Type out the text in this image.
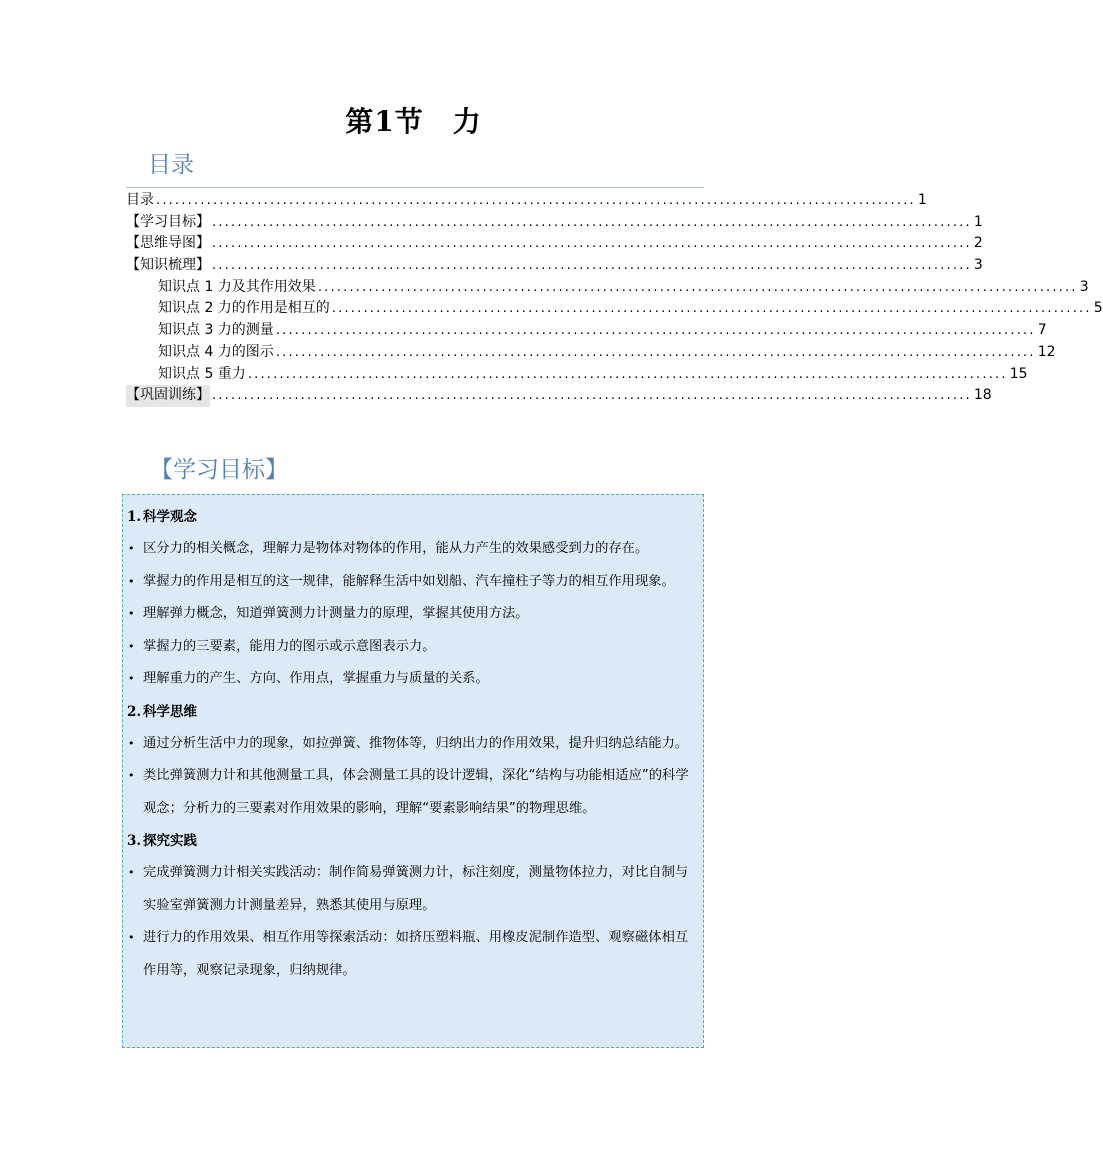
第1节　力
目录
目录 ........................................................................................................................ 1
【学习目标】 ........................................................................................................................ 1
【思维导图】 ........................................................................................................................ 2
【知识梳理】 ........................................................................................................................ 3
知识点 1 力及其作用效果 ........................................................................................................................ 3
知识点 2 力的作用是相互的 ........................................................................................................................ 5
知识点 3 力的测量 ........................................................................................................................ 7
知识点 4 力的图示 ........................................................................................................................ 12
知识点 5 重力 ........................................................................................................................ 15
【巩固训练】 ........................................................................................................................ 18
【学习目标】
1. 科学观念
• 区分力的相关概念，理解力是物体对物体的作用，能从力产生的效果感受到力的存在。
• 掌握力的作用是相互的这一规律，能解释生活中如划船、汽车撞柱子等力的相互作用现象。
• 理解弹力概念，知道弹簧测力计测量力的原理，掌握其使用方法。
• 掌握力的三要素，能用力的图示或示意图表示力。
• 理解重力的产生、方向、作用点，掌握重力与质量的关系。
2. 科学思维
• 通过分析生活中力的现象，如拉弹簧、推物体等，归纳出力的作用效果，提升归纳总结能力。
• 类比弹簧测力计和其他测量工具，体会测量工具的设计逻辑，深化“结构与功能相适应”的科学观念；分析力的三要素对作用效果的影响，理解“要素影响结果”的物理思维。
3. 探究实践
• 完成弹簧测力计相关实践活动：制作简易弹簧测力计，标注刻度，测量物体拉力，对比自制与实验室弹簧测力计测量差异，熟悉其使用与原理。
• 进行力的作用效果、相互作用等探索活动：如挤压塑料瓶、用橡皮泥制作造型、观察磁体相互作用等，观察记录现象，归纳规律。
